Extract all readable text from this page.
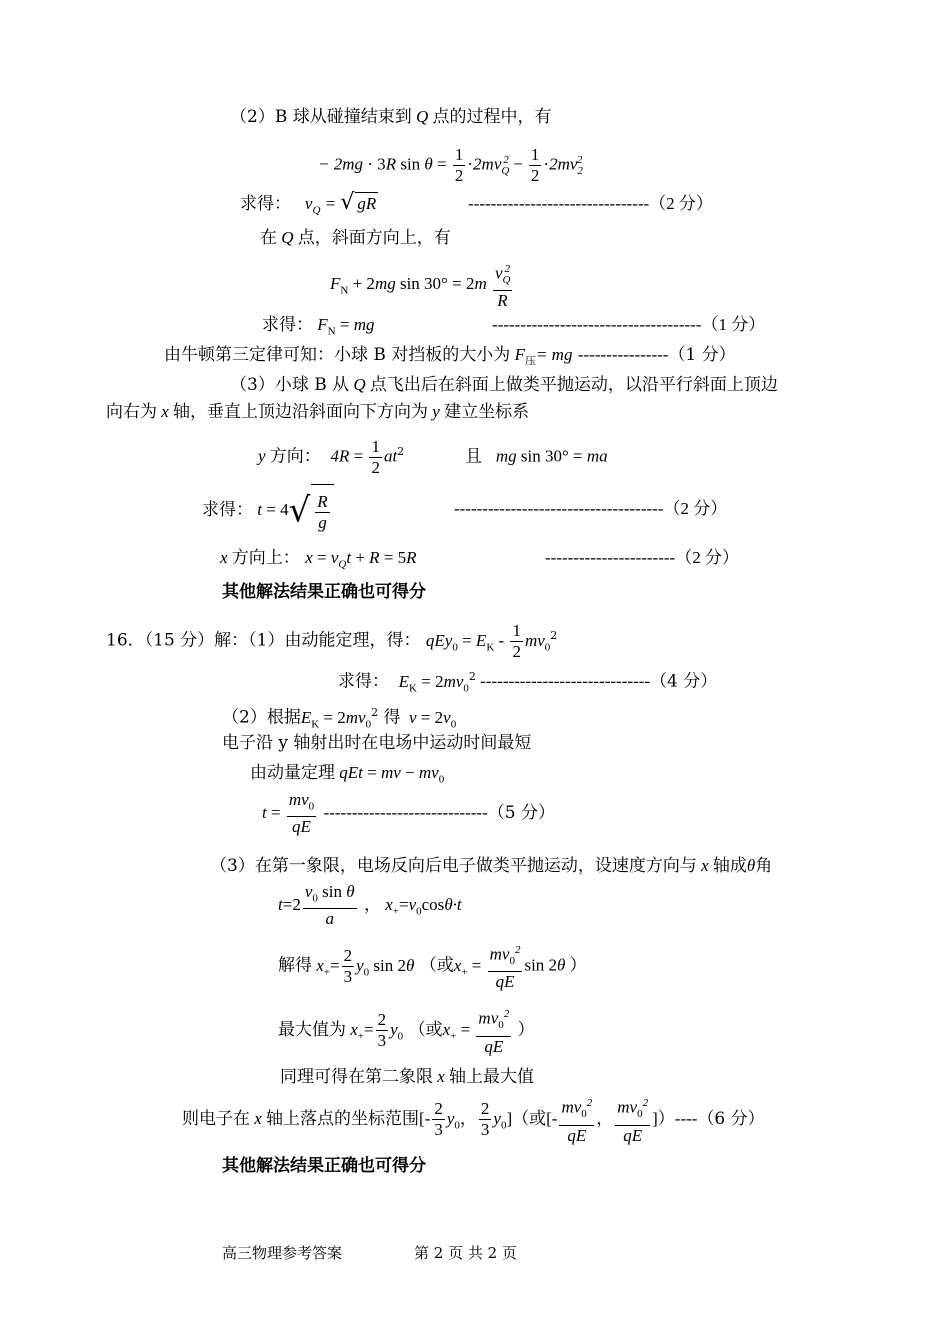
（2）B 球从碰撞结束到 Q 点的过程中，有
− 2mg · 3R $\sin \theta = \frac{1}{2} \cdot 2mv_Q^2 - \frac{1}{2} \cdot 2mv_2^2$
求得：   $v_Q$ = √ gR	--------------------------------（2 分）
在 Q 点，斜面方向上，有
$F_N + 2mg$ $\sin 30^\circ = 2m \frac{v_Q^2}{R}$
求得： $F_N$ = mg	-------------------------------------（1 分）
由牛顿第三定律可知：小球 B 对挡板的大小为 $F_压=$ mg ----------------（1 分）
（3）小球 B 从 Q 点飞出后在斜面上做类平抛运动，以沿平行斜面上顶边
向右为 x 轴，垂直上顶边沿斜面向下方向为 y 建立坐标系
y 方向：  $4R = \frac{1}{2} at^2$	且   mg sin 30° = ma
求得： $t = 4√ \frac{R}{g}$	-------------------------------------（2 分）
x 方向上： $x = v_Qt + R = 5R$	-----------------------（2 分）
其他解法结果正确也可得分
16．（15 分）解：（1）由动能定理，得： $qEy_0 = E_K - \frac{1}{2} mv_0^2$
求得：  $E_K = 2mv_0^2$ ------------------------------（4 分）
（2）根据$E_K = 2mv_0^2$ 得  $v = 2v_0$
电子沿 y 轴射出时在电场中运动时间最短
由动量定理 qEt = mv − $mv_0$
$t = \frac{mv_0}{qE} -----------------------------(5$ 分）
（3）在第一象限，电场反向后电子做类平抛运动，设速度方向与 x 轴成θ角
$t=2 \frac{v_0 \sin \theta}{a}$ ， $x_+=v_0\cos\theta\cdot t$
解得 $x_+= \frac{2}{3} y_0$ sin 2θ （或$x_+ = \frac{mv_0^2}{qE}$ sin 2θ ）
最大值为 $x_+= \frac{2}{3} y_0$ （或$x_+ = \frac{mv_0^2}{qE}$ ）
同理可得在第二象限 x 轴上最大值
则电子在 x 轴上落点的坐标范围[- $\frac{2}{3} y_0$， $\frac{2}{3} y_0$]（或[- $\frac{mv_0^2}{qE}$ ， $\frac{mv_0^2}{qE} ])----(6$ 分）
其他解法结果正确也可得分
高三物理参考答案	第 2 页 共 2 页
